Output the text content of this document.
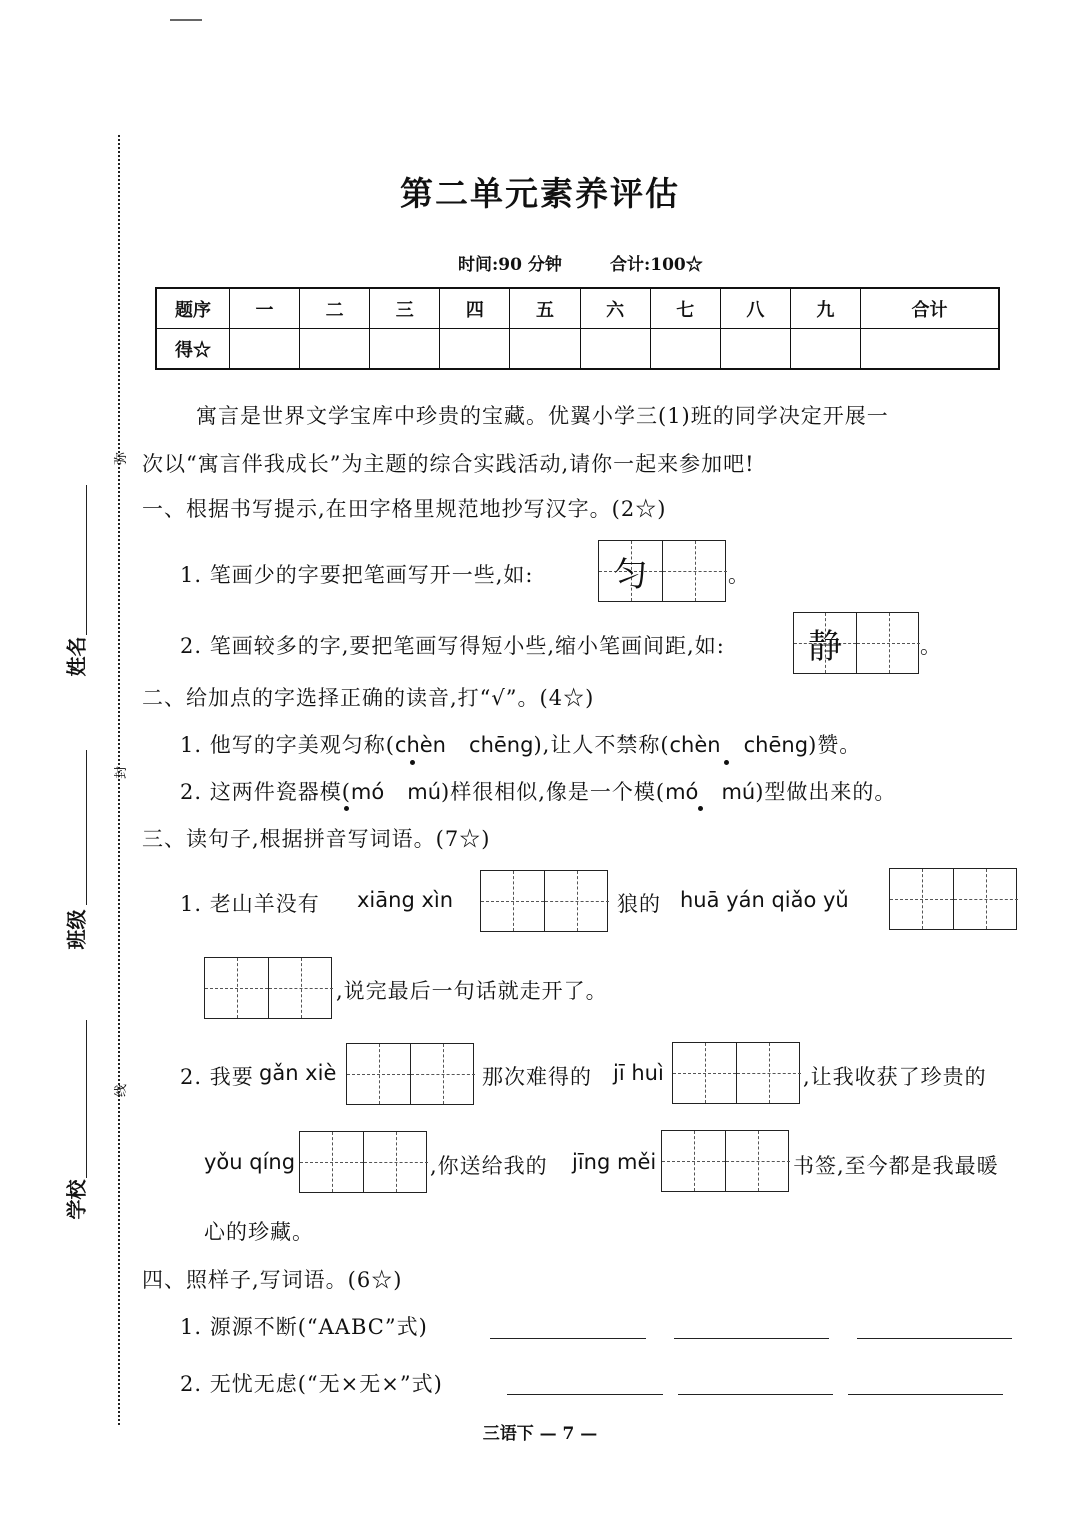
弥
封
线
姓名
班级
学校
第二单元素养评估
时间:90 分钟	合计:100☆
题序	一	二	三	四	五	六	七	八	九	合计
得☆										
寓言是世界文学宝库中珍贵的宝藏。优翼小学三(1)班的同学决定开展一
次以“寓言伴我成长”为主题的综合实践活动,请你一起来参加吧!
一、根据书写提示,在田字格里规范地抄写汉字。(2☆)
1. 笔画少的字要把笔画写开一些,如:	匀	。
2. 笔画较多的字,要把笔画写得短小些,缩小笔画间距,如:	静	。
二、给加点的字选择正确的读音,打“√”。(4☆)
1. 他写的字美观匀称(chèn chēng),让人不禁称(chèn chēng)赞。
2. 这两件瓷器模(mó mú)样很相似,像是一个模(mó mú)型做出来的。
三、读句子,根据拼音写词语。(7☆)
1. 老山羊没有 xiāng xìn	狼的 huā yán qiǎo yǔ
,说完最后一句话就走开了。
2. 我要 gǎn xiè	那次难得的 jī huì	,让我收获了珍贵的
yǒu qíng	,你送给我的 jīng měi	书签,至今都是我最暖
心的珍藏。
四、照样子,写词语。(6☆)
1. 源源不断(“AABC”式)
2. 无忧无虑(“无×无×”式)
三语下 — 7 —
